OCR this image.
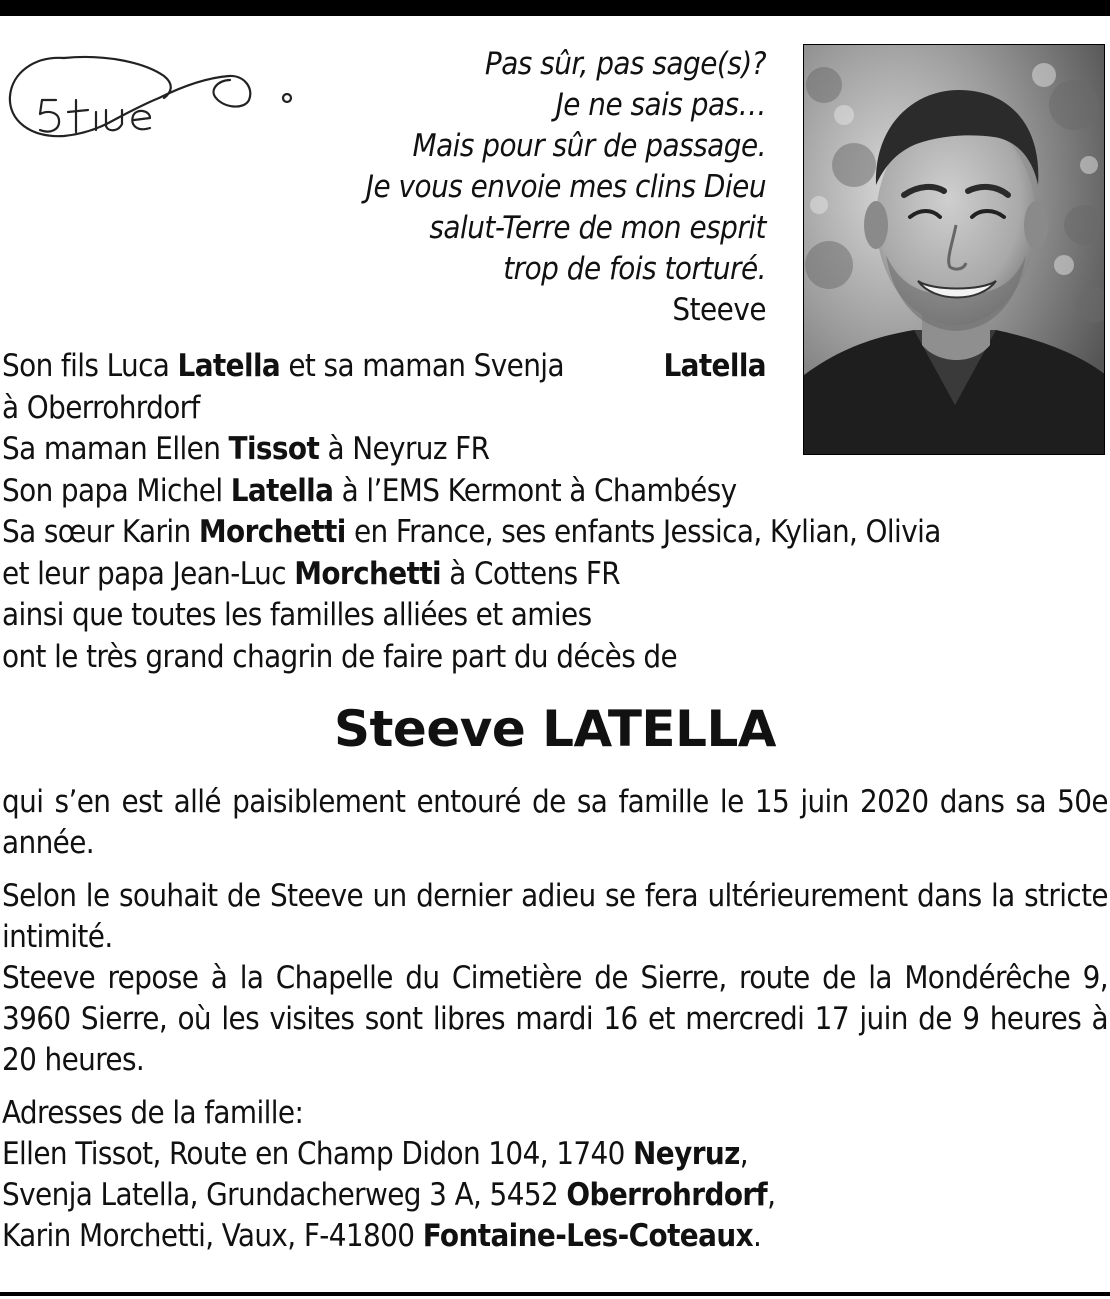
Pas sûr, pas sage(s)?
Je ne sais pas…
Mais pour sûr de passage.
Je vous envoie mes clins Dieu
salut-Terre de mon esprit
trop de fois torturé.
Steeve
Son fils Luca Latella et sa maman Svenja	Latella
à Oberrohrdorf
Sa maman Ellen Tissot à Neyruz FR
Son papa Michel Latella à l’EMS Kermont à Chambésy
Sa sœur Karin Morchetti en France, ses enfants Jessica, Kylian, Olivia
et leur papa Jean-Luc Morchetti à Cottens FR
ainsi que toutes les familles alliées et amies
ont le très grand chagrin de faire part du décès de
Steeve LATELLA

qui s’en est allé paisiblement entouré de sa famille le 15 juin 2020 dans sa 50e année.

Selon le souhait de Steeve un dernier adieu se fera ultérieurement dans la stricte intimité.

Steeve repose à la Chapelle du Cimetière de Sierre, route de la Mondérêche 9, 3960 Sierre, où les visites sont libres mardi 16 et mercredi 17 juin de 9 heures à 20 heures.

Adresses de la famille:
Ellen Tissot, Route en Champ Didon 104, 1740 Neyruz,
Svenja Latella, Grundacherweg 3 A, 5452 Oberrohrdorf,
Karin Morchetti, Vaux, F-41800 Fontaine-Les-Coteaux.
